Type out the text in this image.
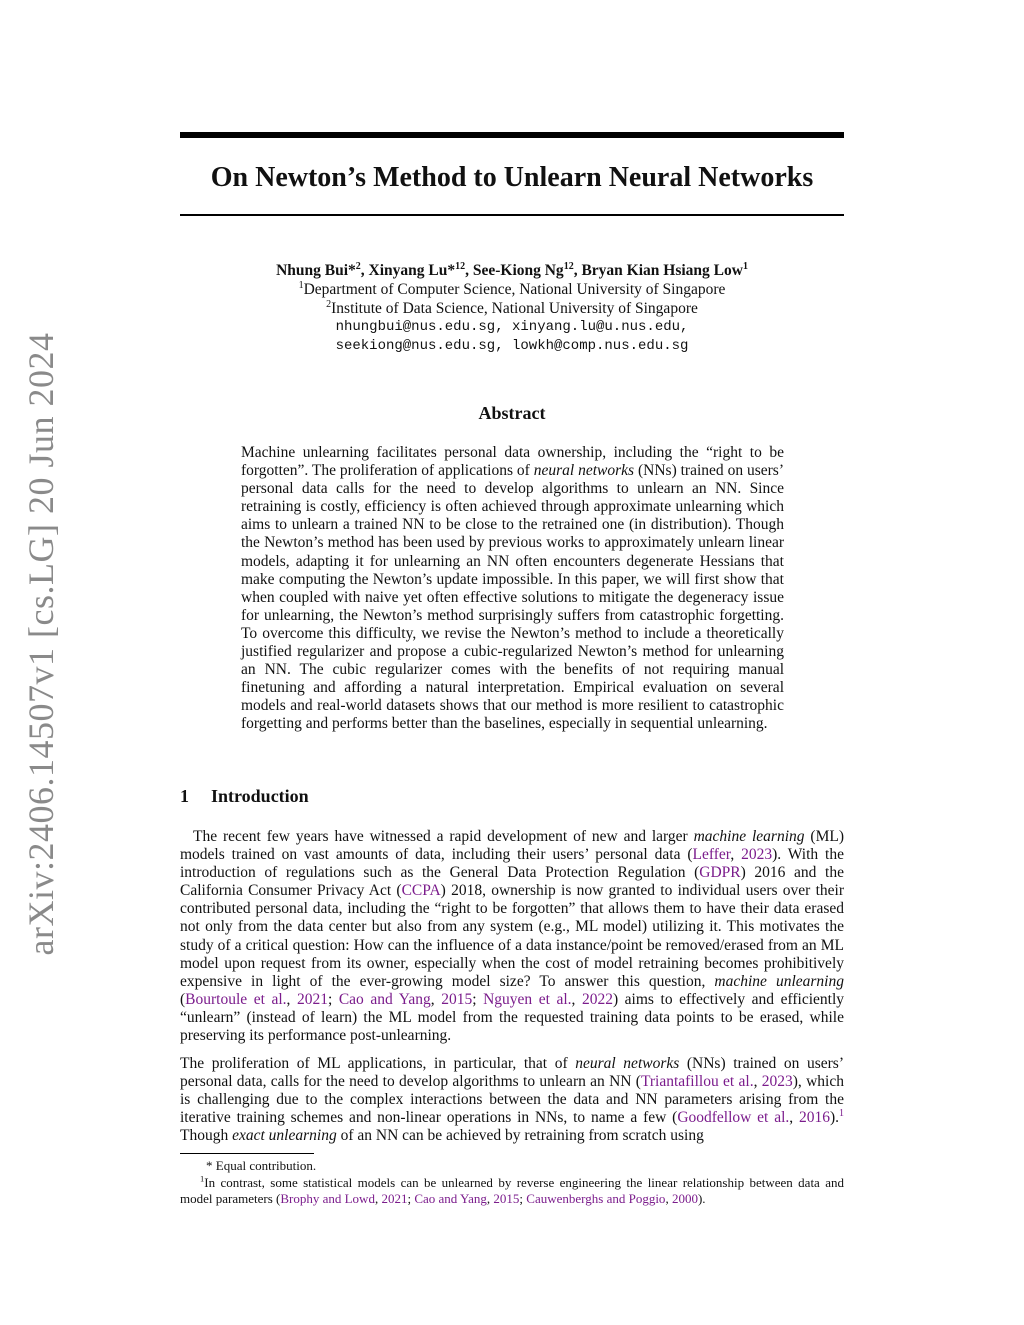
arXiv:2406.14507v1 [cs.LG] 20 Jun 2024
On Newton’s Method to Unlearn Neural Networks
Nhung Bui*$^2$, Xinyang Lu*$^{12}$, See-Kiong Ng$^{12}$, Bryan Kian Hsiang Low$^1$
$^1$Department of Computer Science, National University of Singapore
$^2$Institute of Data Science, National University of Singapore
nhungbui@nus.edu.sg, xinyang.lu@u.nus.edu,
seekiong@nus.edu.sg, lowkh@comp.nus.edu.sg
Abstract
Machine unlearning facilitates personal data ownership, including the “right to be forgotten”. The proliferation of applications of neural networks (NNs) trained on users’ personal data calls for the need to develop algorithms to unlearn an NN. Since retraining is costly, efficiency is often achieved through approximate unlearning which aims to unlearn a trained NN to be close to the retrained one (in distribution). Though the Newton’s method has been used by previous works to approximately unlearn linear models, adapting it for unlearning an NN often encounters degenerate Hessians that make computing the Newton’s update impossible. In this paper, we will first show that when coupled with naive yet often effective solutions to mitigate the degeneracy issue for unlearning, the Newton’s method surprisingly suffers from catastrophic forgetting. To overcome this difficulty, we revise the Newton’s method to include a theoretically justified regularizer and propose a cubic-regularized Newton’s method for unlearning an NN. The cubic regularizer comes with the benefits of not requiring manual finetuning and affording a natural interpretation. Empirical evaluation on several models and real-world datasets shows that our method is more resilient to catastrophic forgetting and performs better than the baselines, especially in sequential unlearning.
1 Introduction
The recent few years have witnessed a rapid development of new and larger machine learning (ML) models trained on vast amounts of data, including their users’ personal data (Leffer, 2023). With the introduction of regulations such as the General Data Protection Regulation (GDPR) 2016 and the California Consumer Privacy Act (CCPA) 2018, ownership is now granted to individual users over their contributed personal data, including the “right to be forgotten” that allows them to have their data erased not only from the data center but also from any system (e.g., ML model) utilizing it. This motivates the study of a critical question: How can the influence of a data instance/point be removed/erased from an ML model upon request from its owner, especially when the cost of model retraining becomes prohibitively expensive in light of the ever-growing model size? To answer this question, machine unlearning (Bourtoule et al., 2021; Cao and Yang, 2015; Nguyen et al., 2022) aims to effectively and efficiently “unlearn” (instead of learn) the ML model from the requested training data points to be erased, while preserving its performance post-unlearning.
The proliferation of ML applications, in particular, that of neural networks (NNs) trained on users’ personal data, calls for the need to develop algorithms to unlearn an NN (Triantafillou et al., 2023), which is challenging due to the complex interactions between the data and NN parameters arising from the iterative training schemes and non-linear operations in NNs, to name a few (Goodfellow et al., 2016).$^1$ Though exact unlearning of an NN can be achieved by retraining from scratch using
* Equal contribution.
$^1$In contrast, some statistical models can be unlearned by reverse engineering the linear relationship between data and model parameters (Brophy and Lowd, 2021; Cao and Yang, 2015; Cauwenberghs and Poggio, 2000).
